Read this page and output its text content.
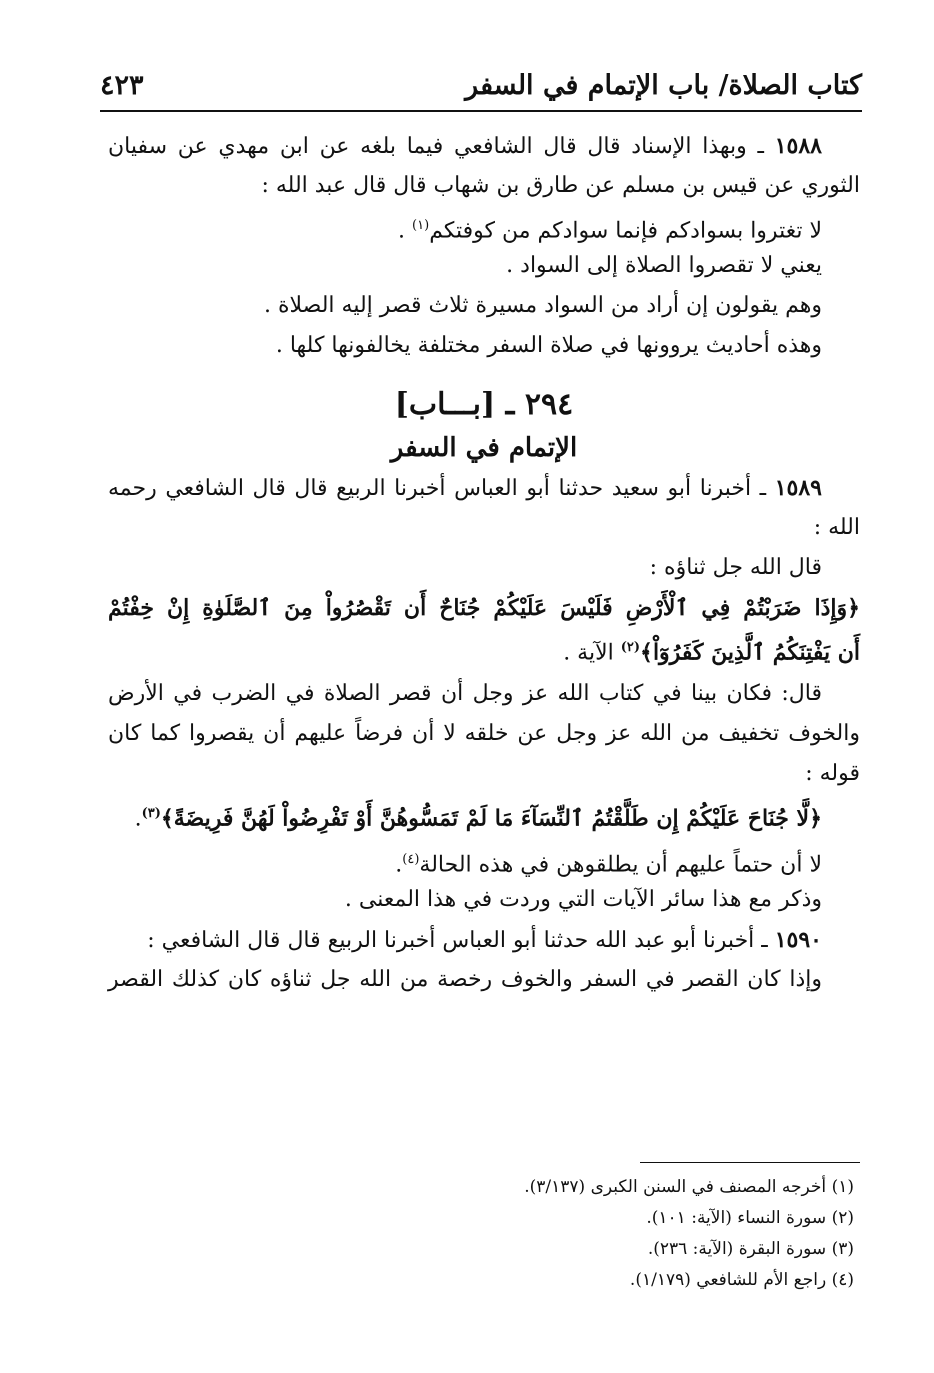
كتاب الصلاة/ باب الإتمام في السفر
٤٢٣
١٥٨٨ ـ وبهذا الإسناد قال قال الشافعي فيما بلغه عن ابن مهدي عن سفيان
الثوري عن قيس بن مسلم عن طارق بن شهاب قال قال عبد الله :
لا تغتروا بسوادكم فإنما سوادكم من كوفتكم$^{(١)}$ .
يعني لا تقصروا الصلاة إلى السواد .
وهم يقولون إن أراد من السواد مسيرة ثلاث قصر إليه الصلاة .
وهذه أحاديث يروونها في صلاة السفر مختلفة يخالفونها كلها .
٢٩٤ ـ [بـــاب]
الإتمام في السفر
١٥٨٩ ـ أخبرنا أبو سعيد حدثنا أبو العباس أخبرنا الربيع قال قال الشافعي رحمه
الله :
قال الله جل ثناؤه :
﴿وَإِذَا ضَرَبْتُمْ فِي ٱلْأَرْضِ فَلَيْسَ عَلَيْكُمْ جُنَاحٌ أَن تَقْصُرُواْ مِنَ ٱلصَّلَوٰةِ إِنْ خِفْتُمْ
أَن يَفْتِنَكُمُ ٱلَّذِينَ كَفَرُوٓاْ﴾$^{(٢)}$ الآية .
قال: فكان بينا في كتاب الله عز وجل أن قصر الصلاة في الضرب في الأرض
والخوف تخفيف من الله عز وجل عن خلقه لا أن فرضاً عليهم أن يقصروا كما كان
قوله :
﴿لَّا جُنَاحَ عَلَيْكُمْ إِن طَلَّقْتُمُ ٱلنِّسَآءَ مَا لَمْ تَمَسُّوهُنَّ أَوْ تَفْرِضُواْ لَهُنَّ فَرِيضَةً﴾$^{(٣)}$.
لا أن حتماً عليهم أن يطلقوهن في هذه الحالة$^{(٤)}$.
وذكر مع هذا سائر الآيات التي وردت في هذا المعنى .
١٥٩٠ ـ أخبرنا أبو عبد الله حدثنا أبو العباس أخبرنا الربيع قال قال الشافعي :
وإذا كان القصر في السفر والخوف رخصة من الله جل ثناؤه كان كذلك القصر
(١) أخرجه المصنف في السنن الكبرى (٣/١٣٧).
(٢) سورة النساء (الآية: ١٠١).
(٣) سورة البقرة (الآية: ٢٣٦).
(٤) راجع الأم للشافعي (١/١٧٩).
